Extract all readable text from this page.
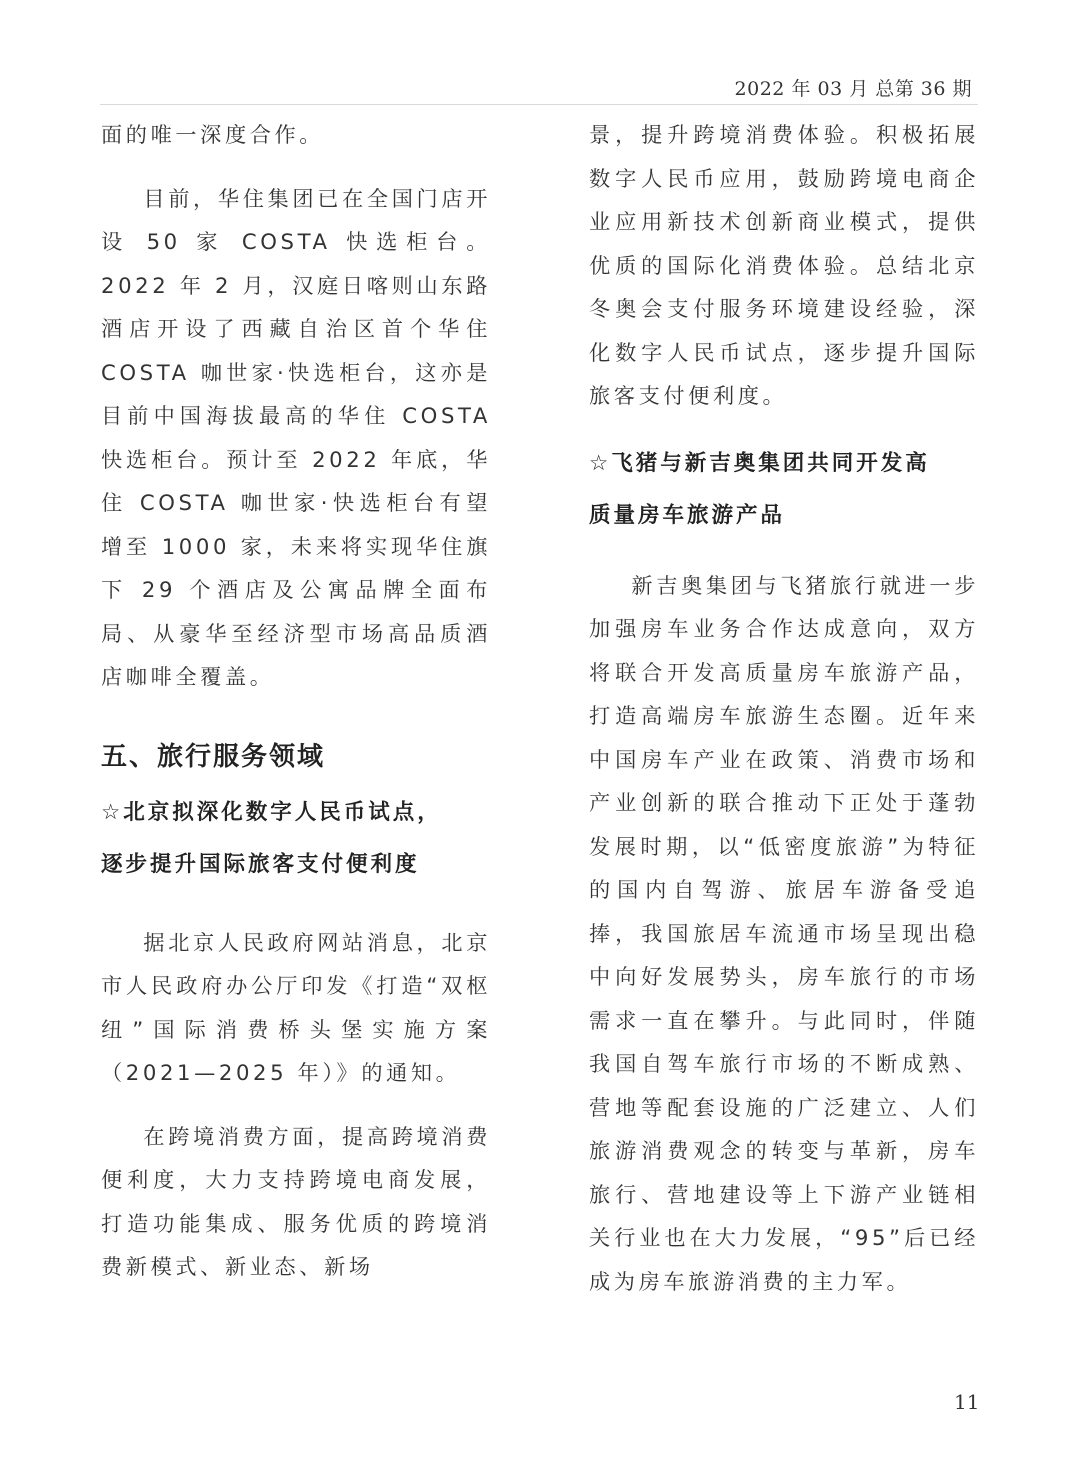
2022 年 03 月 总第 36 期

面的唯一深度合作。

目前，华住集团已在全国门店开设 50 家 COSTA 快选柜台。2022 年 2 月，汉庭日喀则山东路酒店开设了西藏自治区首个华住 COSTA 咖世家·快选柜台，这亦是目前中国海拔最高的华住 COSTA 快选柜台。预计至 2022 年底，华住 COSTA 咖世家·快选柜台有望增至 1000 家，未来将实现华住旗下 29 个酒店及公寓品牌全面布局、从豪华至经济型市场高品质酒店咖啡全覆盖。

五、旅行服务领域

☆北京拟深化数字人民币试点，

逐步提升国际旅客支付便利度

据北京人民政府网站消息，北京市人民政府办公厅印发《打造“双枢纽”国际消费桥头堡实施方案（2021—2025 年）》的通知。

在跨境消费方面，提高跨境消费便利度，大力支持跨境电商发展，打造功能集成、服务优质的跨境消费新模式、新业态、新场

景，提升跨境消费体验。积极拓展数字人民币应用，鼓励跨境电商企业应用新技术创新商业模式，提供优质的国际化消费体验。总结北京冬奥会支付服务环境建设经验，深化数字人民币试点，逐步提升国际旅客支付便利度。

☆飞猪与新吉奥集团共同开发高

质量房车旅游产品

新吉奥集团与飞猪旅行就进一步加强房车业务合作达成意向，双方将联合开发高质量房车旅游产品，打造高端房车旅游生态圈。近年来中国房车产业在政策、消费市场和产业创新的联合推动下正处于蓬勃发展时期，以“低密度旅游”为特征的国内自驾游、旅居车游备受追捧，我国旅居车流通市场呈现出稳中向好发展势头，房车旅行的市场需求一直在攀升。与此同时，伴随我国自驾车旅行市场的不断成熟、营地等配套设施的广泛建立、人们旅游消费观念的转变与革新，房车旅行、营地建设等上下游产业链相关行业也在大力发展，“95”后已经成为房车旅游消费的主力军。

11
